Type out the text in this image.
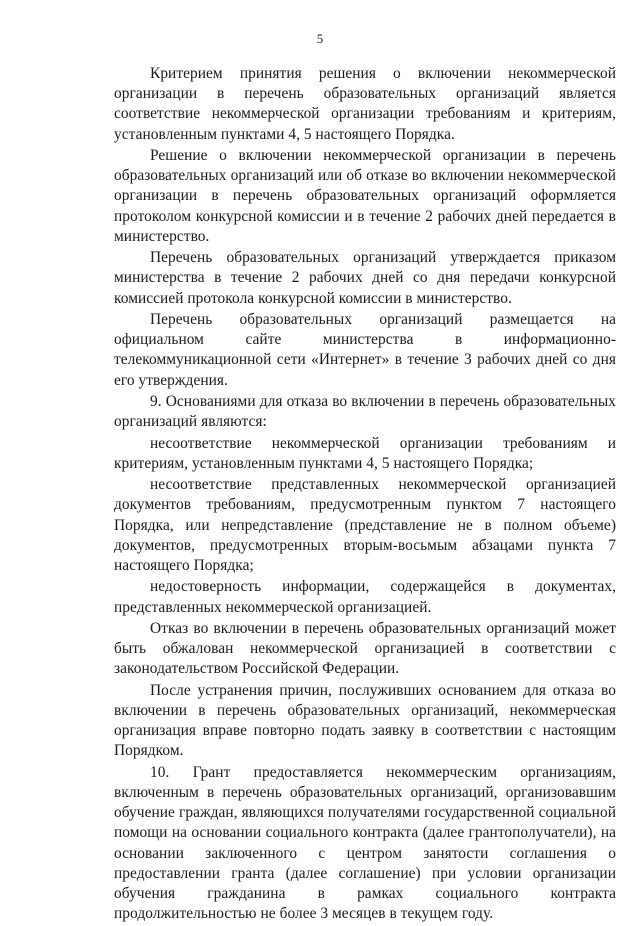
5

Критерием принятия решения о включении некоммерческой организации в перечень образовательных организаций является соответствие некоммерческой организации требованиям и критериям, установленным пунктами 4, 5 настоящего Порядка.

Решение о включении некоммерческой организации в перечень образовательных организаций или об отказе во включении некоммерческой организации в перечень образовательных организаций оформляется протоколом конкурсной комиссии и в течение 2 рабочих дней передается в министерство.

Перечень образовательных организаций утверждается приказом министерства в течение 2 рабочих дней со дня передачи конкурсной комиссией протокола конкурсной комиссии в министерство.

Перечень образовательных организаций размещается на официальном сайте министерства в информационно-телекоммуникационной сети «Интернет» в течение 3 рабочих дней со дня его утверждения.

9. Основаниями для отказа во включении в перечень образовательных организаций являются:

несоответствие некоммерческой организации требованиям и критериям, установленным пунктами 4, 5 настоящего Порядка;

несоответствие представленных некоммерческой организацией документов требованиям, предусмотренным пунктом 7 настоящего Порядка, или непредставление (представление не в полном объеме) документов, предусмотренных вторым-восьмым абзацами пункта 7 настоящего Порядка;

недостоверность информации, содержащейся в документах, представленных некоммерческой организацией.

Отказ во включении в перечень образовательных организаций может быть обжалован некоммерческой организацией в соответствии с законодательством Российской Федерации.

После устранения причин, послуживших основанием для отказа во включении в перечень образовательных организаций, некоммерческая организация вправе повторно подать заявку в соответствии с настоящим Порядком.

10. Грант предоставляется некоммерческим организациям, включенным в перечень образовательных организаций, организовавшим обучение граждан, являющихся получателями государственной социальной помощи на основании социального контракта (далее грантополучатели), на основании заключенного с центром занятости соглашения о предоставлении гранта (далее соглашение) при условии организации обучения гражданина в рамках социального контракта продолжительностью не более 3 месяцев в текущем году.
